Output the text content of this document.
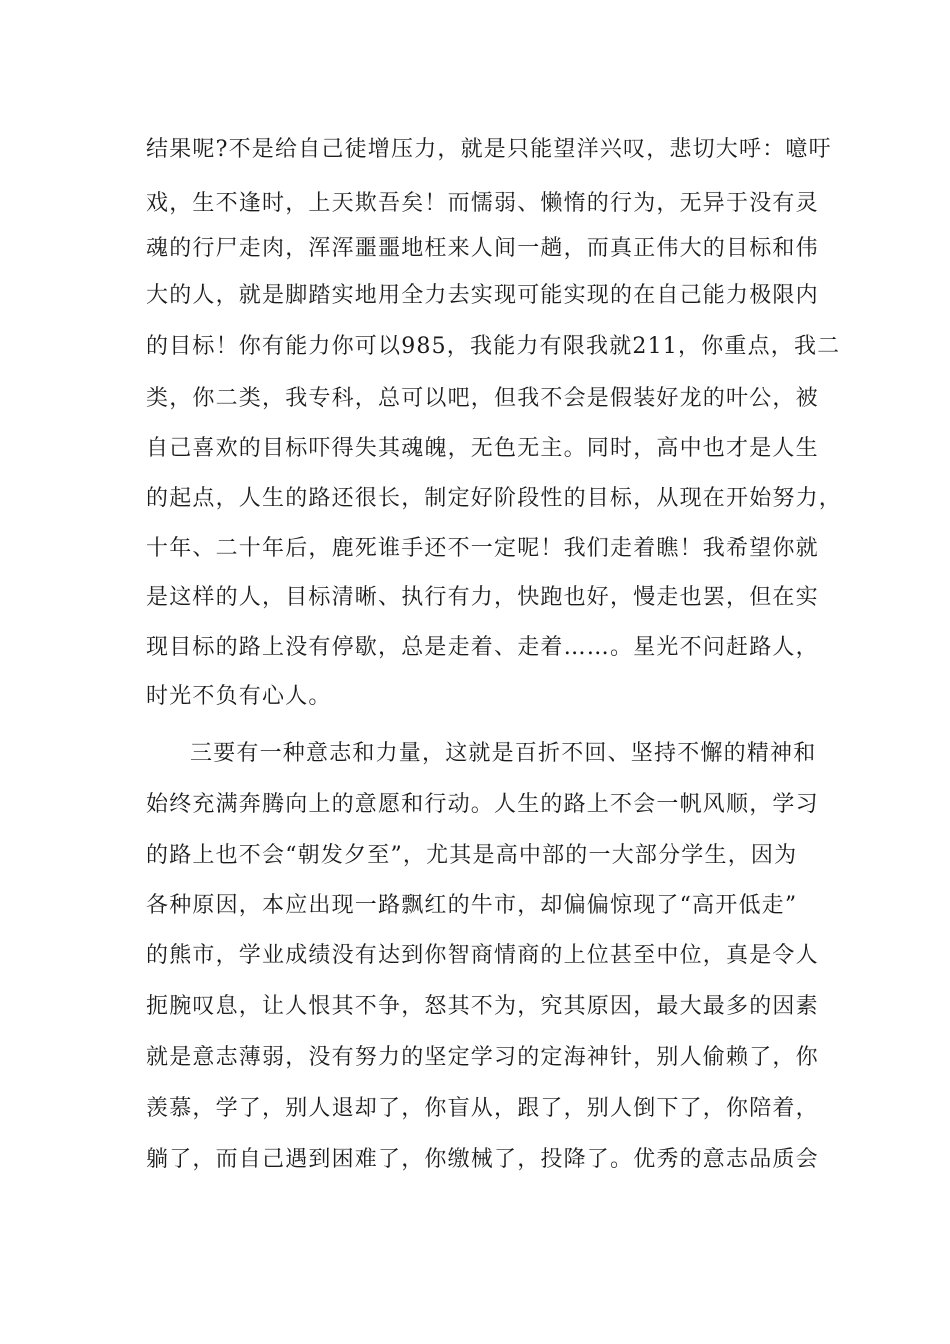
结果呢?不是给自己徒增压力，就是只能望洋兴叹，悲切大呼：噫吁
戏，生不逢时，上天欺吾矣！而懦弱、懒惰的行为，无异于没有灵
魂的行尸走肉，浑浑噩噩地枉来人间一趟，而真正伟大的目标和伟
大的人，就是脚踏实地用全力去实现可能实现的在自己能力极限内
的目标！你有能力你可以985，我能力有限我就211，你重点，我二
类，你二类，我专科，总可以吧，但我不会是假装好龙的叶公，被
自己喜欢的目标吓得失其魂魄，无色无主。同时，高中也才是人生
的起点，人生的路还很长，制定好阶段性的目标，从现在开始努力，
十年、二十年后，鹿死谁手还不一定呢！我们走着瞧！我希望你就
是这样的人，目标清晰、执行有力，快跑也好，慢走也罢，但在实
现目标的路上没有停歇，总是走着、走着……。星光不问赶路人，
时光不负有心人。
三要有一种意志和力量，这就是百折不回、坚持不懈的精神和
始终充满奔腾向上的意愿和行动。人生的路上不会一帆风顺，学习
的路上也不会“朝发夕至”，尤其是高中部的一大部分学生，因为
各种原因，本应出现一路飘红的牛市，却偏偏惊现了“高开低走”
的熊市，学业成绩没有达到你智商情商的上位甚至中位，真是令人
扼腕叹息，让人恨其不争，怒其不为，究其原因，最大最多的因素
就是意志薄弱，没有努力的坚定学习的定海神针，别人偷赖了，你
羡慕，学了，别人退却了，你盲从，跟了，别人倒下了，你陪着，
躺了，而自己遇到困难了，你缴械了，投降了。优秀的意志品质会
